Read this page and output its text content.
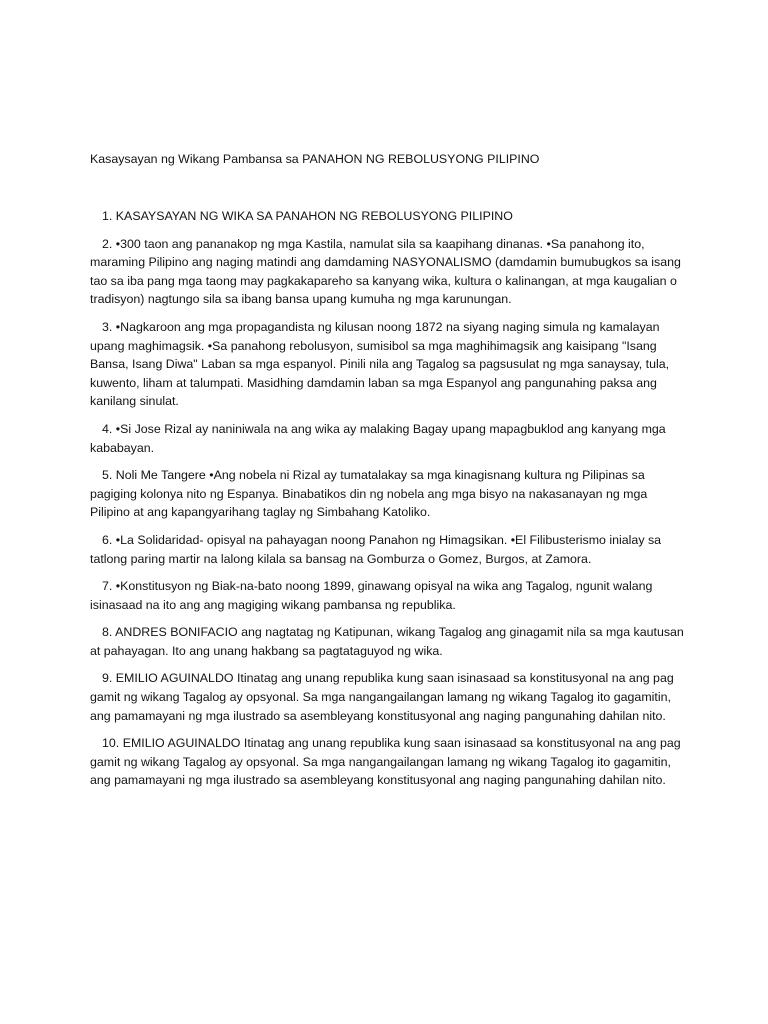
Kasaysayan ng Wikang Pambansa sa PANAHON NG REBOLUSYONG PILIPINO
1. KASAYSAYAN NG WIKA SA PANAHON NG REBOLUSYONG PILIPINO
2. •300 taon ang pananakop ng mga Kastila, namulat sila sa kaapihang dinanas. •Sa panahong ito, maraming Pilipino ang naging matindi ang damdaming NASYONALISMO (damdamin bumubugkos sa isang tao sa iba pang mga taong may pagkakapareho sa kanyang wika, kultura o kalinangan, at mga kaugalian o tradisyon) nagtungo sila sa ibang bansa upang kumuha ng mga karunungan.
3. •Nagkaroon ang mga propagandista ng kilusan noong 1872 na siyang naging simula ng kamalayan upang maghimagsik. •Sa panahong rebolusyon, sumisibol sa mga maghihimagsik ang kaisipang "Isang Bansa, Isang Diwa" Laban sa mga espanyol. Pinili nila ang Tagalog sa pagsusulat ng mga sanaysay, tula, kuwento, liham at talumpati. Masidhing damdamin laban sa mga Espanyol ang pangunahing paksa ang kanilang sinulat.
4. •Si Jose Rizal ay naniniwala na ang wika ay malaking Bagay upang mapagbuklod ang kanyang mga kababayan.
5. Noli Me Tangere •Ang nobela ni Rizal ay tumatalakay sa mga kinagisnang kultura ng Pilipinas sa pagiging kolonya nito ng Espanya. Binabatikos din ng nobela ang mga bisyo na nakasanayan ng mga Pilipino at ang kapangyarihang taglay ng Simbahang Katoliko.
6. •La Solidaridad- opisyal na pahayagan noong Panahon ng Himagsikan. •El Filibusterismo inialay sa tatlong paring martir na lalong kilala sa bansag na Gomburza o Gomez, Burgos, at Zamora.
7. •Konstitusyon ng Biak-na-bato noong 1899, ginawang opisyal na wika ang Tagalog, ngunit walang isinasaad na ito ang ang magiging wikang pambansa ng republika.
8. ANDRES BONIFACIO ang nagtatag ng Katipunan, wikang Tagalog ang ginagamit nila sa mga kautusan at pahayagan. Ito ang unang hakbang sa pagtataguyod ng wika.
9. EMILIO AGUINALDO Itinatag ang unang republika kung saan isinasaad sa konstitusyonal na ang pag gamit ng wikang Tagalog ay opsyonal. Sa mga nangangailangan lamang ng wikang Tagalog ito gagamitin, ang pamamayani ng mga ilustrado sa asembleyang konstitusyonal ang naging pangunahing dahilan nito.
10. EMILIO AGUINALDO Itinatag ang unang republika kung saan isinasaad sa konstitusyonal na ang pag gamit ng wikang Tagalog ay opsyonal. Sa mga nangangailangan lamang ng wikang Tagalog ito gagamitin, ang pamamayani ng mga ilustrado sa asembleyang konstitusyonal ang naging pangunahing dahilan nito.
